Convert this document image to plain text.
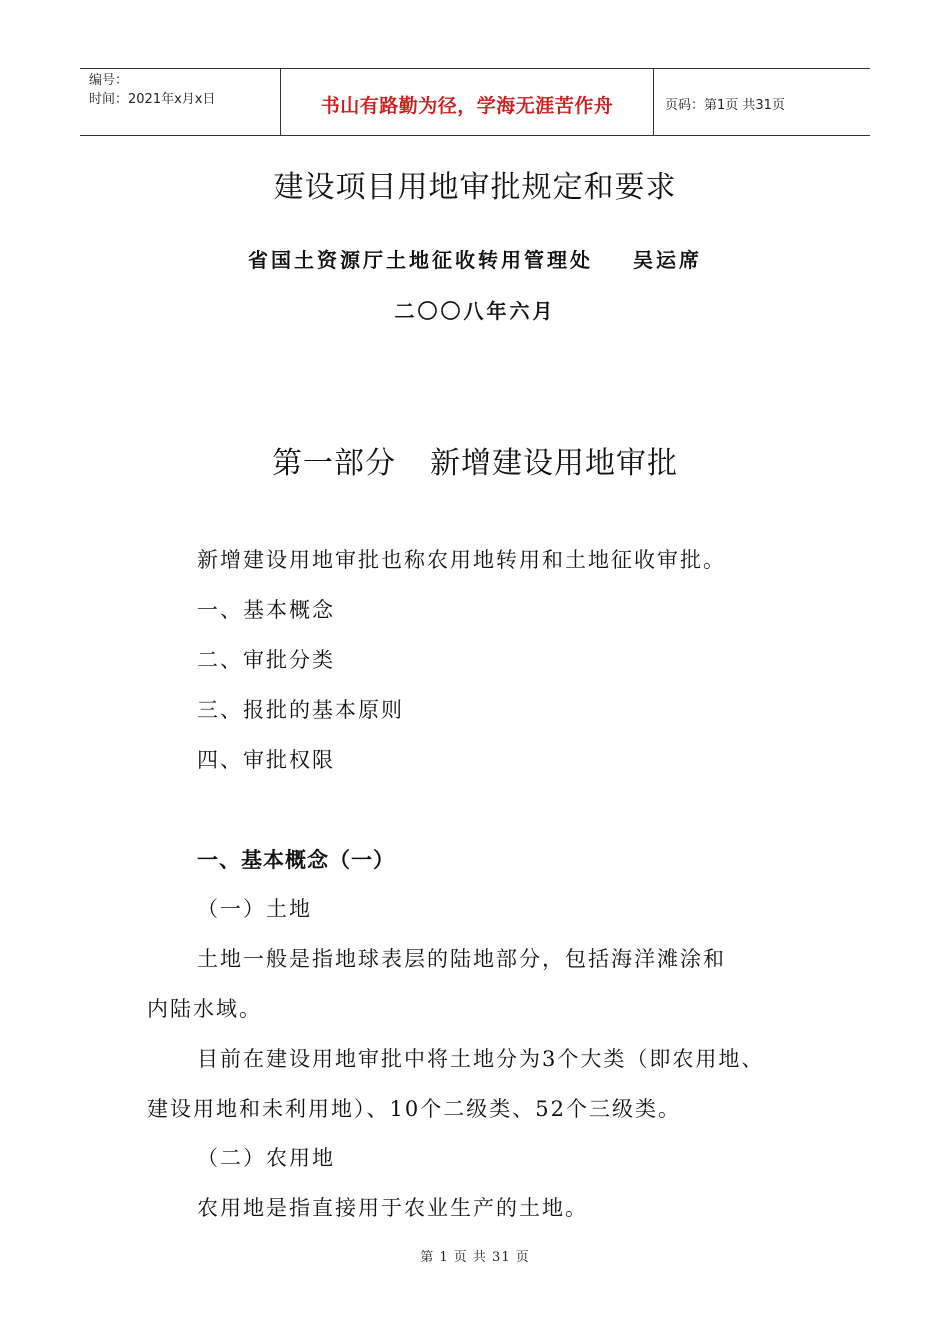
编号：
时间：2021年x月x日	书山有路勤为径，学海无涯苦作舟	页码：第1页 共31页
建设项目用地审批规定和要求
省国土资源厅土地征收转用管理处 吴运席
二〇〇八年六月
第一部分 新增建设用地审批
新增建设用地审批也称农用地转用和土地征收审批。
一、基本概念
二、审批分类
三、报批的基本原则
四、审批权限
一、基本概念（一）
（一）土地
土地一般是指地球表层的陆地部分，包括海洋滩涂和
内陆水域。
目前在建设用地审批中将土地分为3个大类（即农用地、
建设用地和未利用地）、10个二级类、52个三级类。
（二）农用地
农用地是指直接用于农业生产的土地。
第 1 页 共 31 页
